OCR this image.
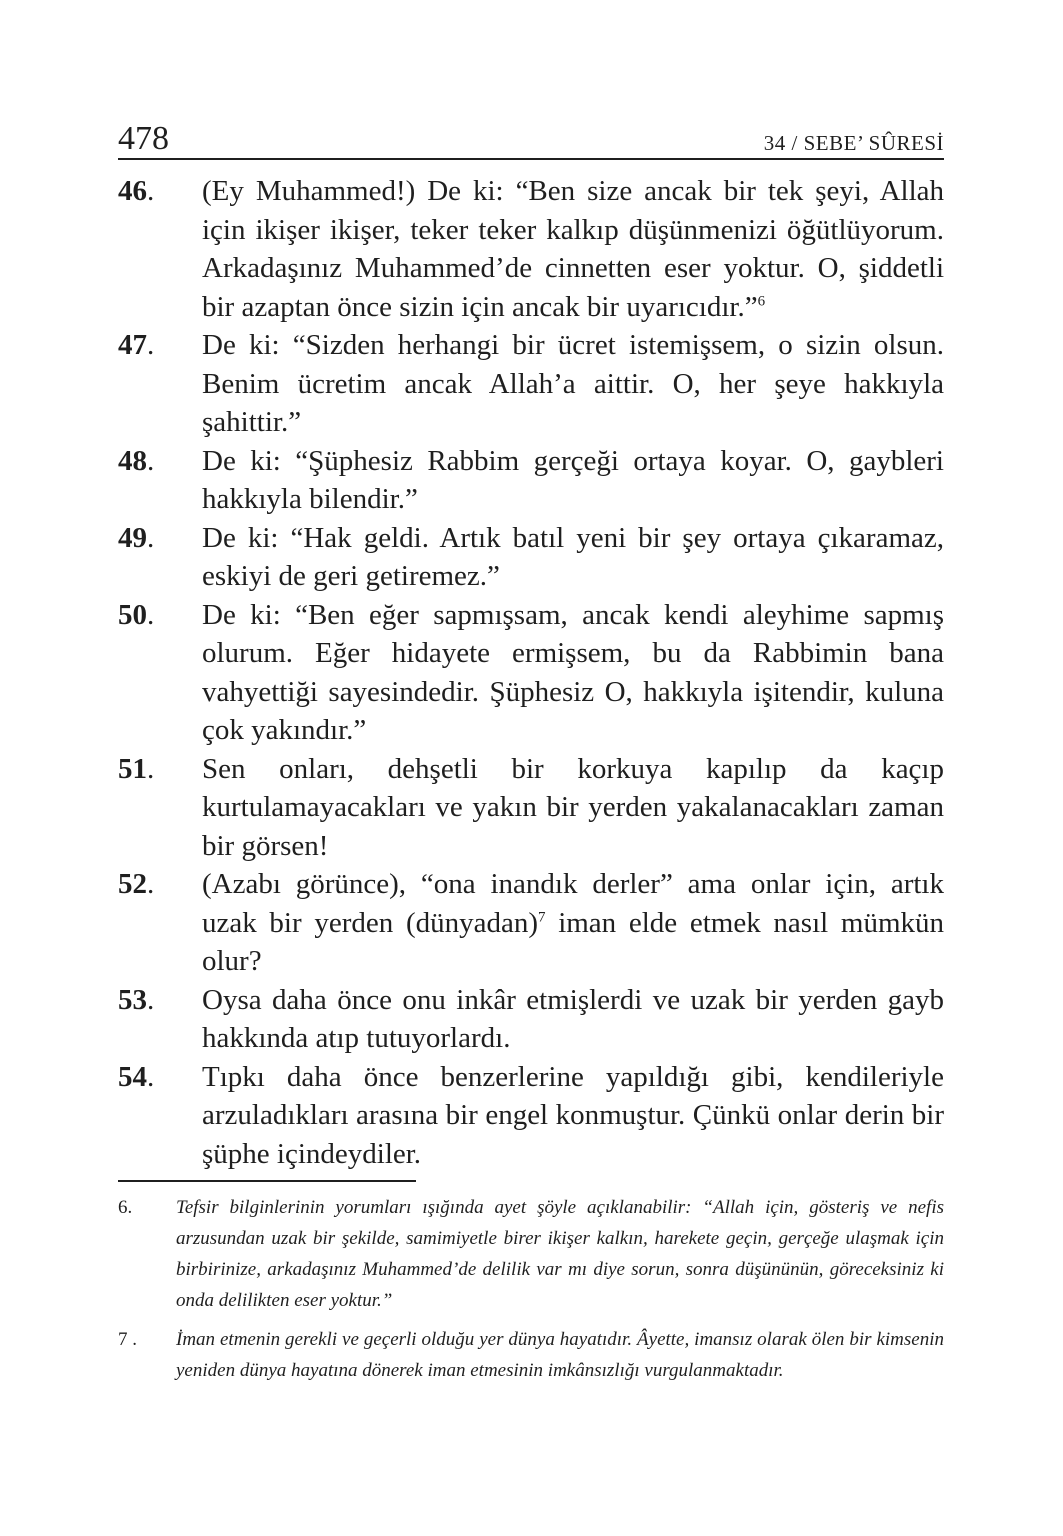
478	34 / SEBE’ SÛRESİ
46.	(Ey Muhammed!) De ki: “Ben size ancak bir tek şeyi, Allah için ikişer ikişer, teker teker kalkıp düşünmenizi öğütlüyorum. Arkadaşınız Muhammed’de cinnetten eser yoktur. O, şiddetli bir azaptan önce sizin için ancak bir uyarıcıdır.”$^6$
47.	De ki: “Sizden herhangi bir ücret istemişsem, o sizin olsun. Benim ücretim ancak Allah’a aittir. O, her şeye hakkıyla şahittir.”
48.	De ki: “Şüphesiz Rabbim gerçeği ortaya koyar. O, gaybleri hakkıyla bilendir.”
49.	De ki: “Hak geldi. Artık batıl yeni bir şey ortaya çıkaramaz, eskiyi de geri getiremez.”
50.	De ki: “Ben eğer sapmışsam, ancak kendi aleyhime sapmış olurum. Eğer hidayete ermişsem, bu da Rabbimin bana vahyettiği sayesindedir. Şüphesiz O, hakkıyla işitendir, kuluna çok yakındır.”
51.	Sen onları, dehşetli bir korkuya kapılıp da kaçıp kurtulamayacakları ve yakın bir yerden yakalanacakları zaman bir görsen!
52.	(Azabı görünce), “ona inandık derler” ama onlar için, artık uzak bir yerden (dünyadan)$^7$ iman elde etmek nasıl mümkün olur?
53.	Oysa daha önce onu inkâr etmişlerdi ve uzak bir yerden gayb hakkında atıp tutuyorlardı.
54.	Tıpkı daha önce benzerlerine yapıldığı gibi, kendileriyle arzuladıkları arasına bir engel konmuştur. Çünkü onlar derin bir şüphe içindeydiler.
6.	Tefsir bilginlerinin yorumları ışığında ayet şöyle açıklanabilir: “Allah için, gösteriş ve nefis arzusundan uzak bir şekilde, samimiyetle birer ikişer kalkın, harekete geçin, gerçeğe ulaşmak için birbirinize, arkadaşınız Muhammed’de delilik var mı diye sorun, sonra düşününün, göreceksiniz ki onda delilikten eser yoktur.”
7 .	İman etmenin gerekli ve geçerli olduğu yer dünya hayatıdır. Âyette, imansız olarak ölen bir kimsenin yeniden dünya hayatına dönerek iman etmesinin imkânsızlığı vurgulanmaktadır.
